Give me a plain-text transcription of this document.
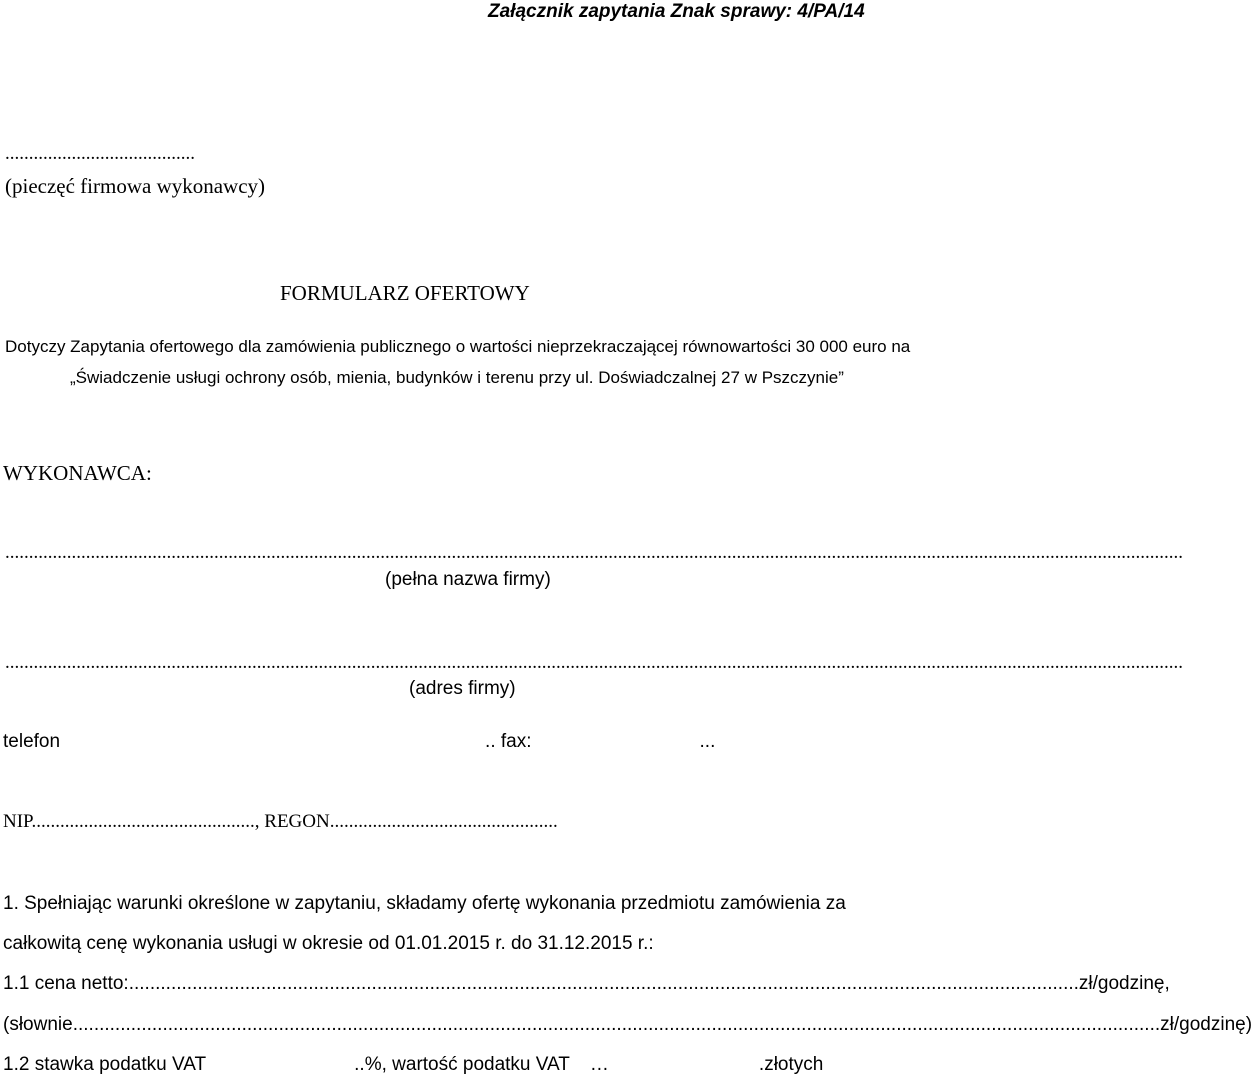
Załącznik zapytania Znak sprawy: 4/PA/14
........................................
(pieczęć firmowa wykonawcy)
FORMULARZ OFERTOWY
Dotyczy Zapytania ofertowego dla zamówienia publicznego o wartości nieprzekraczającej równowartości 30 000 euro na
„Świadczenie usługi ochrony osób, mienia, budynków i terenu przy ul. Doświadczalnej 27 w Pszczynie”
WYKONAWCA:
........................................................................................................................................................................................................................................................
(pełna nazwa firmy)
........................................................................................................................................................................................................................................................
(adres firmy)
telefon	.. fax:	...
NIP..............................................., REGON................................................
1. Spełniając warunki określone w zapytaniu, składamy ofertę wykonania przedmiotu zamówienia za
całkowitą cenę wykonania usługi w okresie od 01.01.2015 r. do 31.12.2015 r.:
1.1 cena netto: .................................................................................................................................................................................... zł/godzinę,
(słownie .............................................................................................................................................................................................................. zł/godzinę)
1.2 stawka podatku VAT	..%, wartość podatku VAT …	.złotych
